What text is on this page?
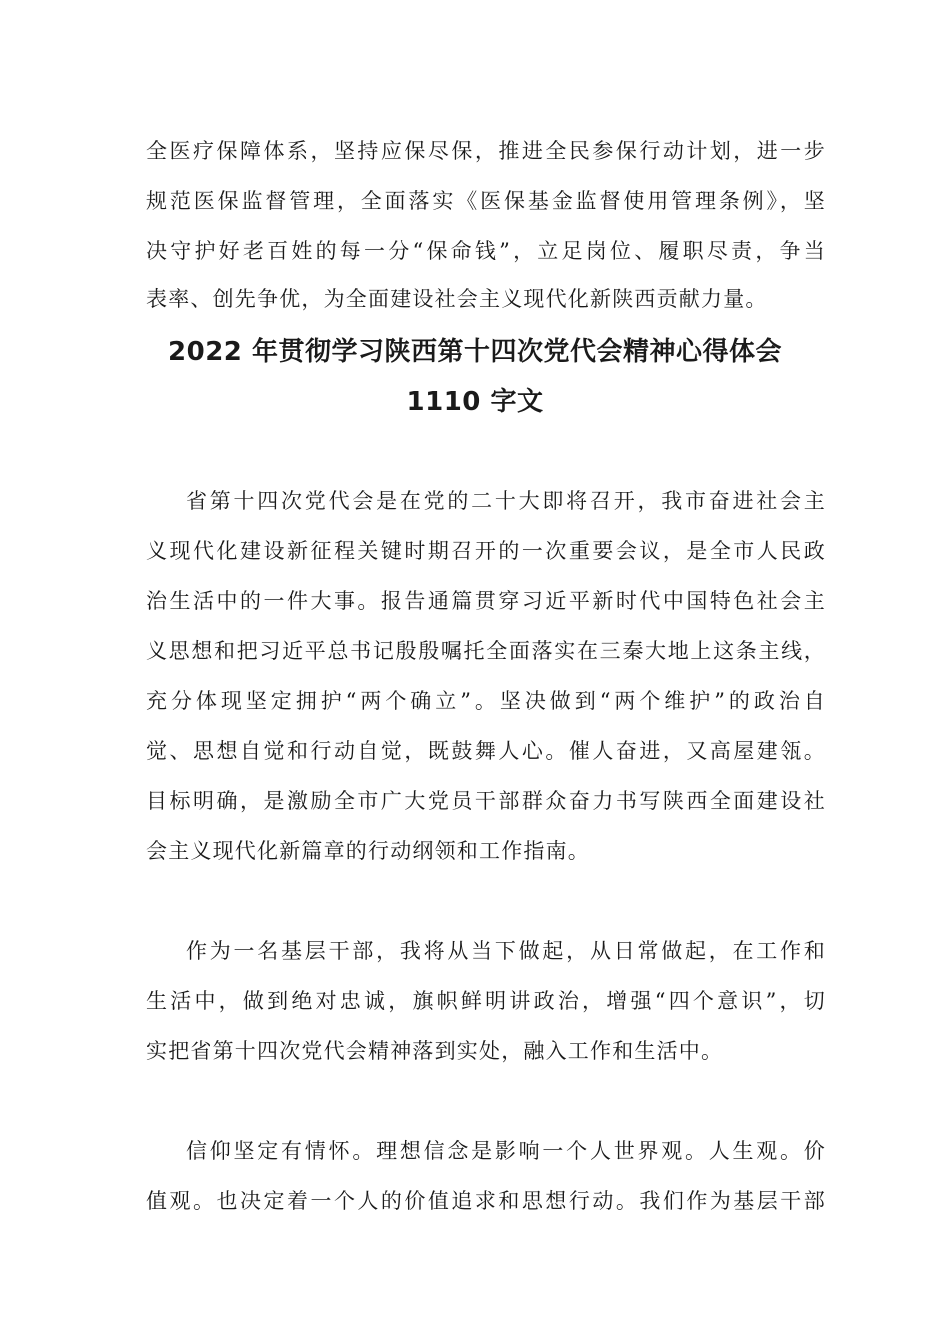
全医疗保障体系，坚持应保尽保，推进全民参保行动计划，进一步
规范医保监督管理，全面落实《医保基金监督使用管理条例》，坚
决守护好老百姓的每一分“保命钱”，立足岗位、履职尽责，争当
表率、创先争优，为全面建设社会主义现代化新陕西贡献力量。
2022 年贯彻学习陕西第十四次党代会精神心得体会
1110 字文
省第十四次党代会是在党的二十大即将召开，我市奋进社会主
义现代化建设新征程关键时期召开的一次重要会议，是全市人民政
治生活中的一件大事。报告通篇贯穿习近平新时代中国特色社会主
义思想和把习近平总书记殷殷嘱托全面落实在三秦大地上这条主线，
充分体现坚定拥护“两个确立”。坚决做到“两个维护”的政治自
觉、思想自觉和行动自觉，既鼓舞人心。催人奋进，又高屋建瓴。
目标明确，是激励全市广大党员干部群众奋力书写陕西全面建设社
会主义现代化新篇章的行动纲领和工作指南。
作为一名基层干部，我将从当下做起，从日常做起，在工作和
生活中，做到绝对忠诚，旗帜鲜明讲政治，增强“四个意识”，切
实把省第十四次党代会精神落到实处，融入工作和生活中。
信仰坚定有情怀。理想信念是影响一个人世界观。人生观。价
值观。也决定着一个人的价值追求和思想行动。我们作为基层干部
